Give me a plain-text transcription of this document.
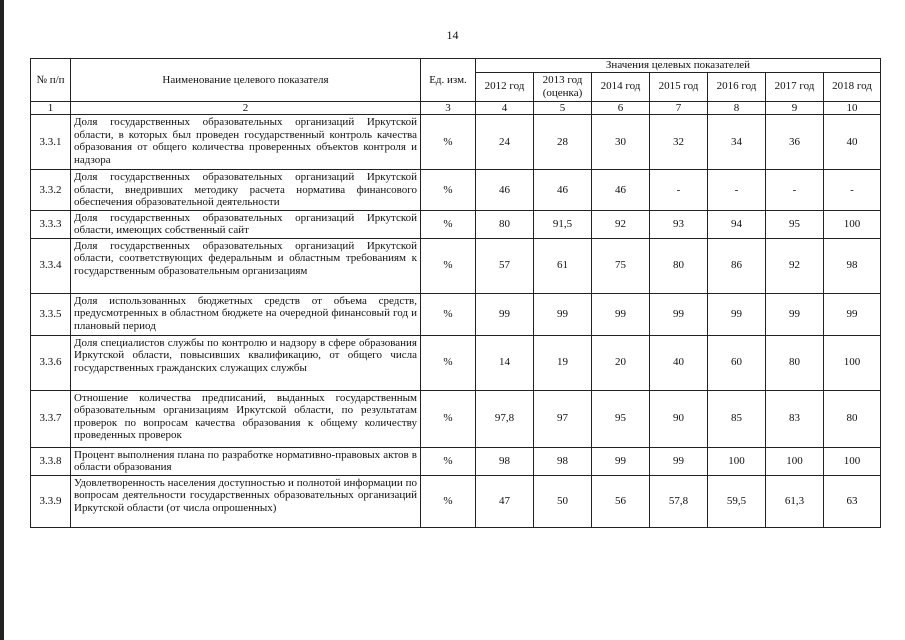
14
№ п/п	Наименование целевого показателя	Ед. изм.	Значения целевых показателей						
			2012 год	2013 год (оценка)	2014 год	2015 год	2016 год	2017 год	2018 год
1	2	3	4	5	6	7	8	9	10
3.3.1	Доля государственных образовательных организаций Иркутской области, в которых был проведен государственный контроль качества образования от общего количества проверенных объектов контроля и надзора	%	24	28	30	32	34	36	40
3.3.2	Доля государственных образовательных организаций Иркутской области, внедривших методику расчета норматива финансового обеспечения образовательной деятельности	%	46	46	46	-	-	-	-
3.3.3	Доля государственных образовательных организаций Иркутской области, имеющих собственный сайт	%	80	91,5	92	93	94	95	100
3.3.4	Доля государственных образовательных организаций Иркутской области, соответствующих федеральным и областным требованиям к государственным образовательным организациям	%	57	61	75	80	86	92	98
3.3.5	Доля использованных бюджетных средств от объема средств, предусмотренных в областном бюджете на очередной финансовый год и плановый период	%	99	99	99	99	99	99	99
3.3.6	Доля специалистов службы по контролю и надзору в сфере образования Иркутской области, повысивших квалификацию, от общего числа государственных гражданских служащих службы	%	14	19	20	40	60	80	100
3.3.7	Отношение количества предписаний, выданных государственным образовательным организациям Иркутской области, по результатам проверок по вопросам качества образования к общему количеству проведенных проверок	%	97,8	97	95	90	85	83	80
3.3.8	Процент выполнения плана по разработке нормативно-правовых актов в области образования	%	98	98	99	99	100	100	100
3.3.9	Удовлетворенность населения доступностью и полнотой информации по вопросам деятельности государственных образовательных организаций Иркутской области (от числа опрошенных)	%	47	50	56	57,8	59,5	61,3	63
